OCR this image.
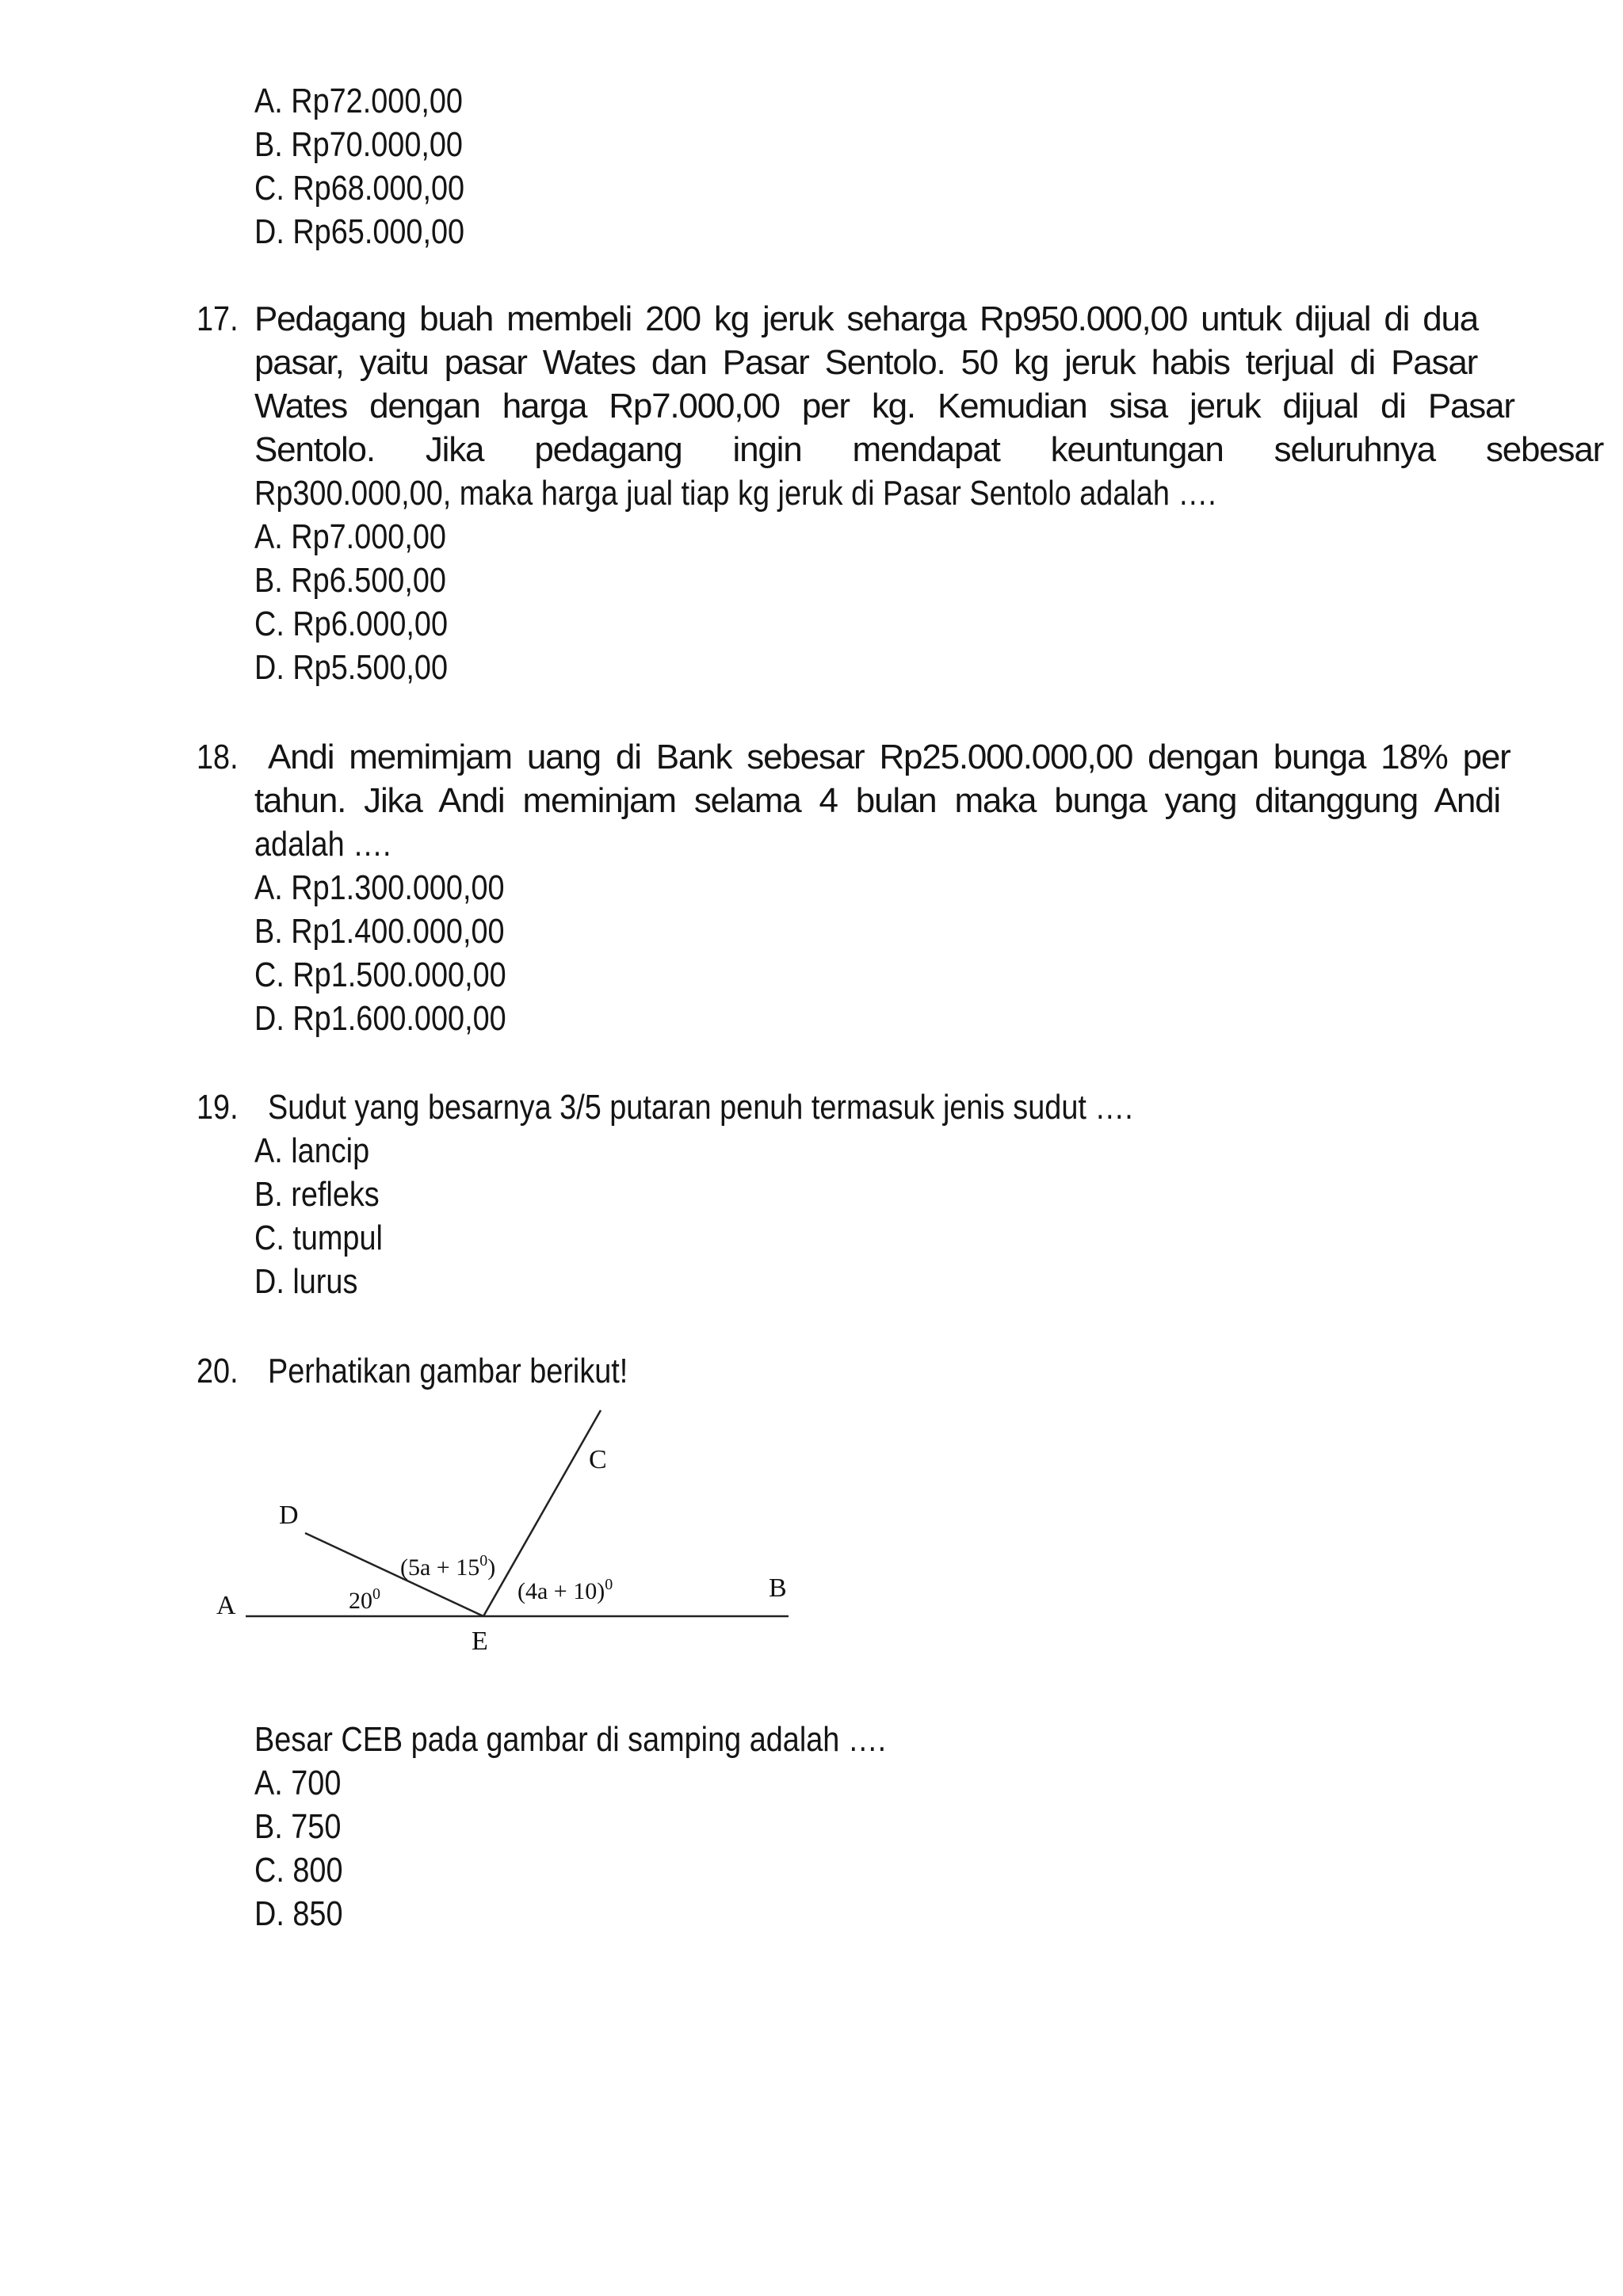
A. Rp72.000,00
B. Rp70.000,00
C. Rp68.000,00
D. Rp65.000,00
17. Pedagang buah membeli 200 kg jeruk seharga Rp950.000,00 untuk dijual di dua
pasar, yaitu pasar Wates dan Pasar Sentolo. 50 kg jeruk habis terjual di Pasar
Wates dengan harga Rp7.000,00 per kg. Kemudian sisa jeruk dijual di Pasar
Sentolo. Jika pedagang ingin mendapat keuntungan seluruhnya sebesar
Rp300.000,00, maka harga jual tiap kg jeruk di Pasar Sentolo adalah ….
A. Rp7.000,00
B. Rp6.500,00
C. Rp6.000,00
D. Rp5.500,00
18. Andi memimjam uang di Bank sebesar Rp25.000.000,00 dengan bunga 18% per
tahun. Jika Andi meminjam selama 4 bulan maka bunga yang ditanggung Andi
adalah ….
A. Rp1.300.000,00
B. Rp1.400.000,00
C. Rp1.500.000,00
D. Rp1.600.000,00
19. Sudut yang besarnya 3/5 putaran penuh termasuk jenis sudut ….
A. lancip
B. refleks
C. tumpul
D. lurus
20. Perhatikan gambar berikut!
A
B
C
D
E
$20^0$
$(5a + 15^0)$
$(4a + 10)^0$
Besar CEB pada gambar di samping adalah ….
A. 700
B. 750
C. 800
D. 850
